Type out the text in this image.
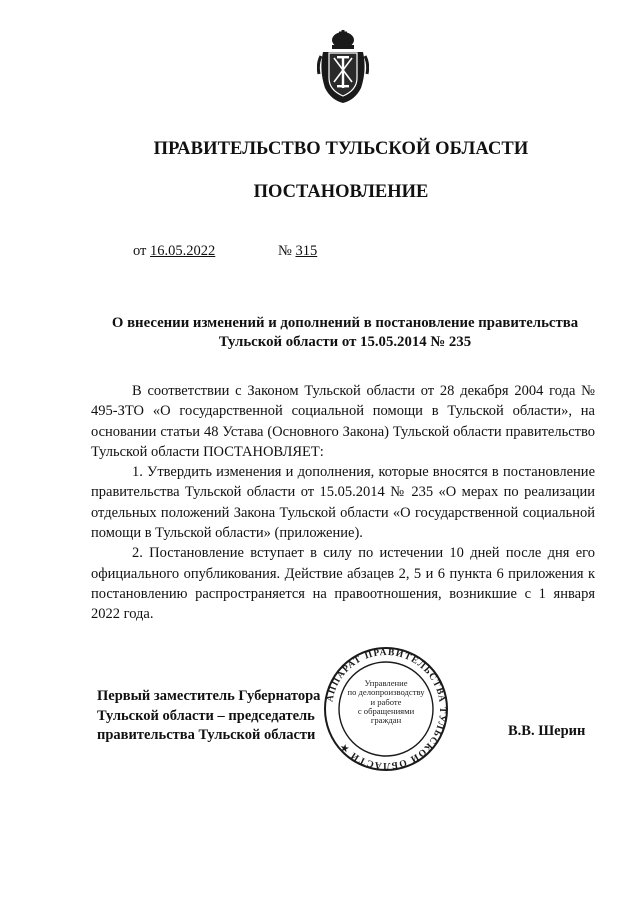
ПРАВИТЕЛЬСТВО ТУЛЬСКОЙ ОБЛАСТИ
ПОСТАНОВЛЕНИЕ
от 16.05.2022	№ 315
О внесении изменений и дополнений в постановление правительства
Тульской области от 15.05.2014 № 235

В соответствии с Законом Тульской области от 28 декабря 2004 года № 495-ЗТО «О государственной социальной помощи в Тульской области», на основании статьи 48 Устава (Основного Закона) Тульской области правительство Тульской области ПОСТАНОВЛЯЕТ:

1. Утвердить изменения и дополнения, которые вносятся в постановление правительства Тульской области от 15.05.2014 № 235 «О мерах по реализации отдельных положений Закона Тульской области «О государственной социальной помощи в Тульской области» (приложение).

2. Постановление вступает в силу по истечении 10 дней после дня его официального опубликования. Действие абзацев 2, 5 и 6 пункта 6 приложения к постановлению распространяется на правоотношения, возникшие с 1 января 2022 года.

Первый заместитель Губернатора
Тульской области – председатель
правительства Тульской области
АППАРАТ ПРАВИТЕЛЬСТВА ТУЛЬСКОЙ ОБЛАСТИ ★
Управление
по делопроизводству
и работе
с обращениями
граждан
В.В. Шерин
